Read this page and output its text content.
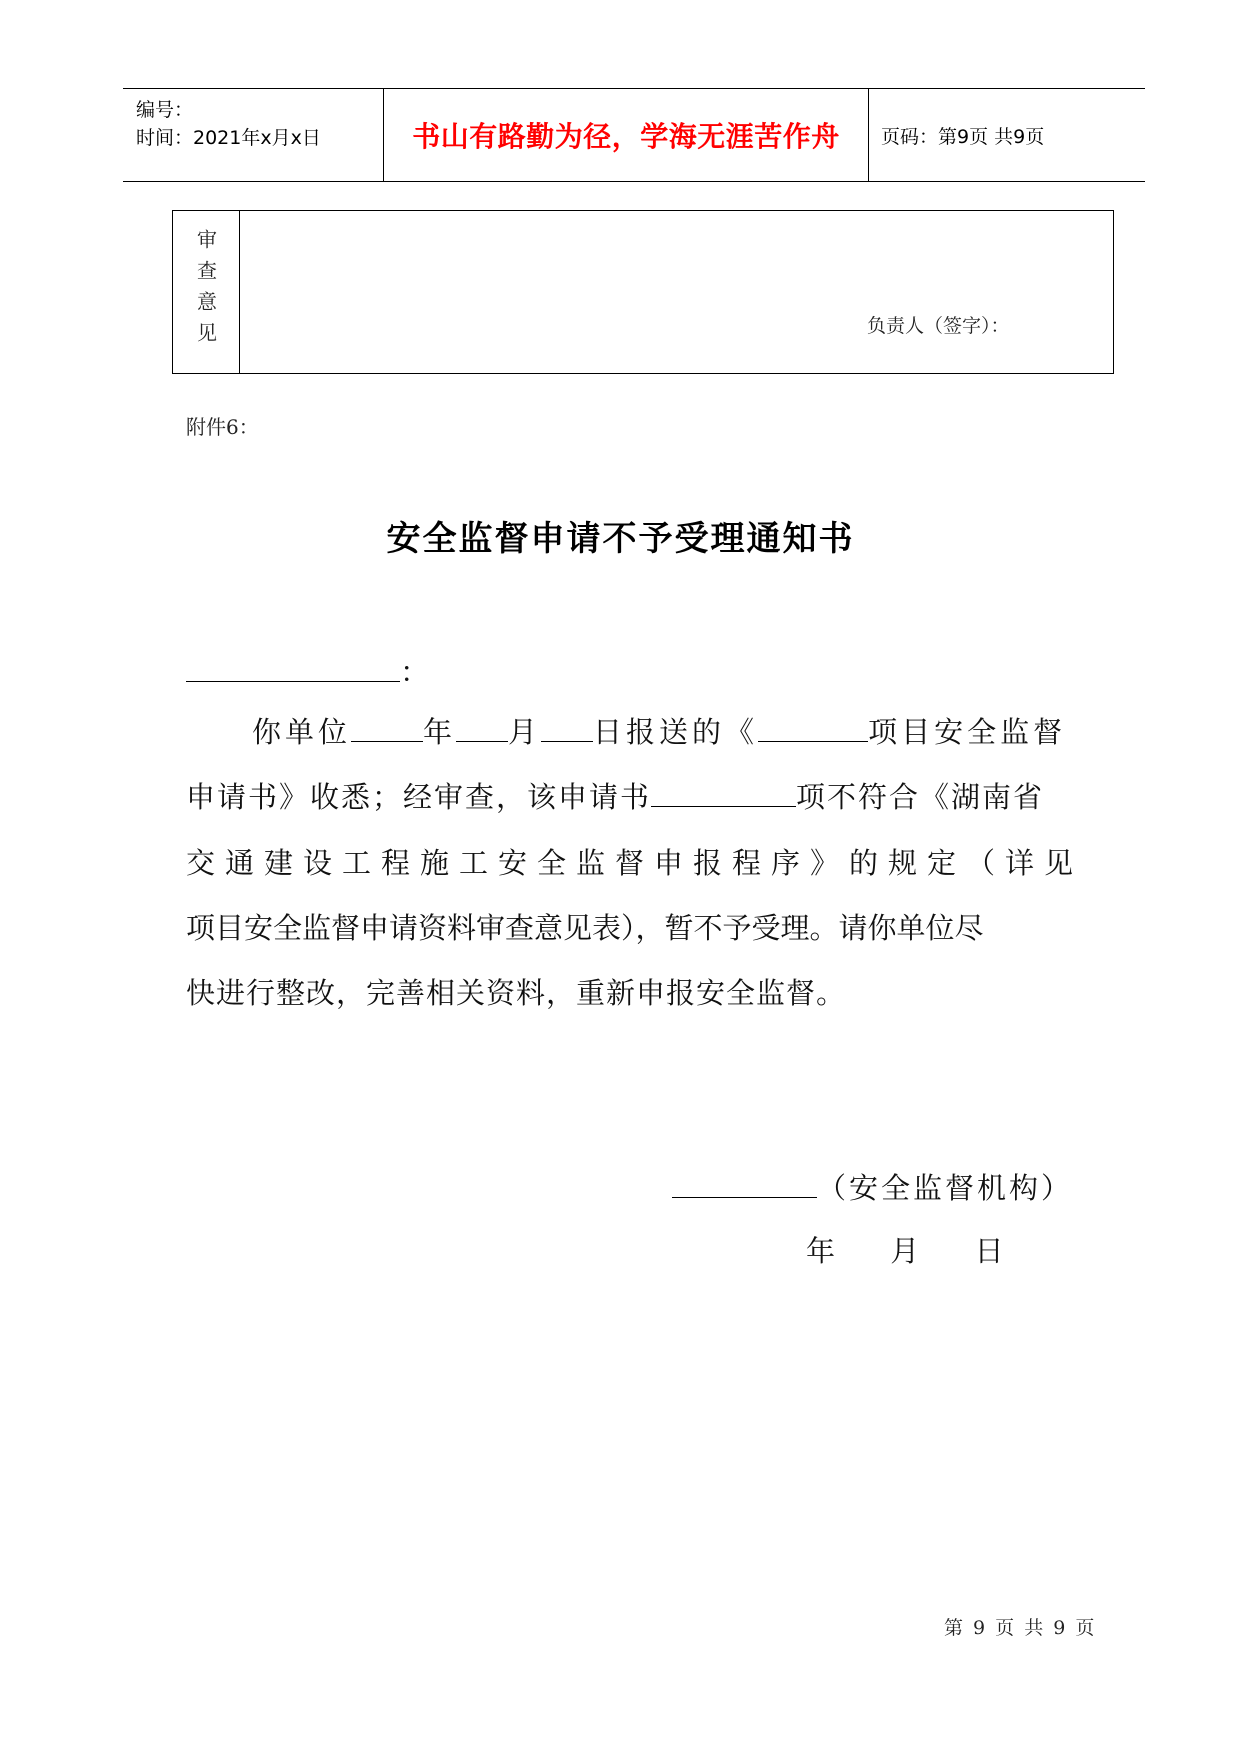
编号：
时间：2021年x月x日	书山有路勤为径，学海无涯苦作舟 页码：第9页 共9页
审查意见	负责人（签字）：
附件6：
安全监督申请不予受理通知书
：
你单位 年 月 日报送的《	项目安全监督
申请书》收悉；经审查，该申请书	项不符合《湖南省
交通建设工程施工安全监督申报程序》的规定（详见
项目安全监督申请资料审查意见表），暂不予受理。请你单位尽
快进行整改，完善相关资料，重新申报安全监督。
（安全监督机构）
年      月      日
第 9 页 共 9 页
